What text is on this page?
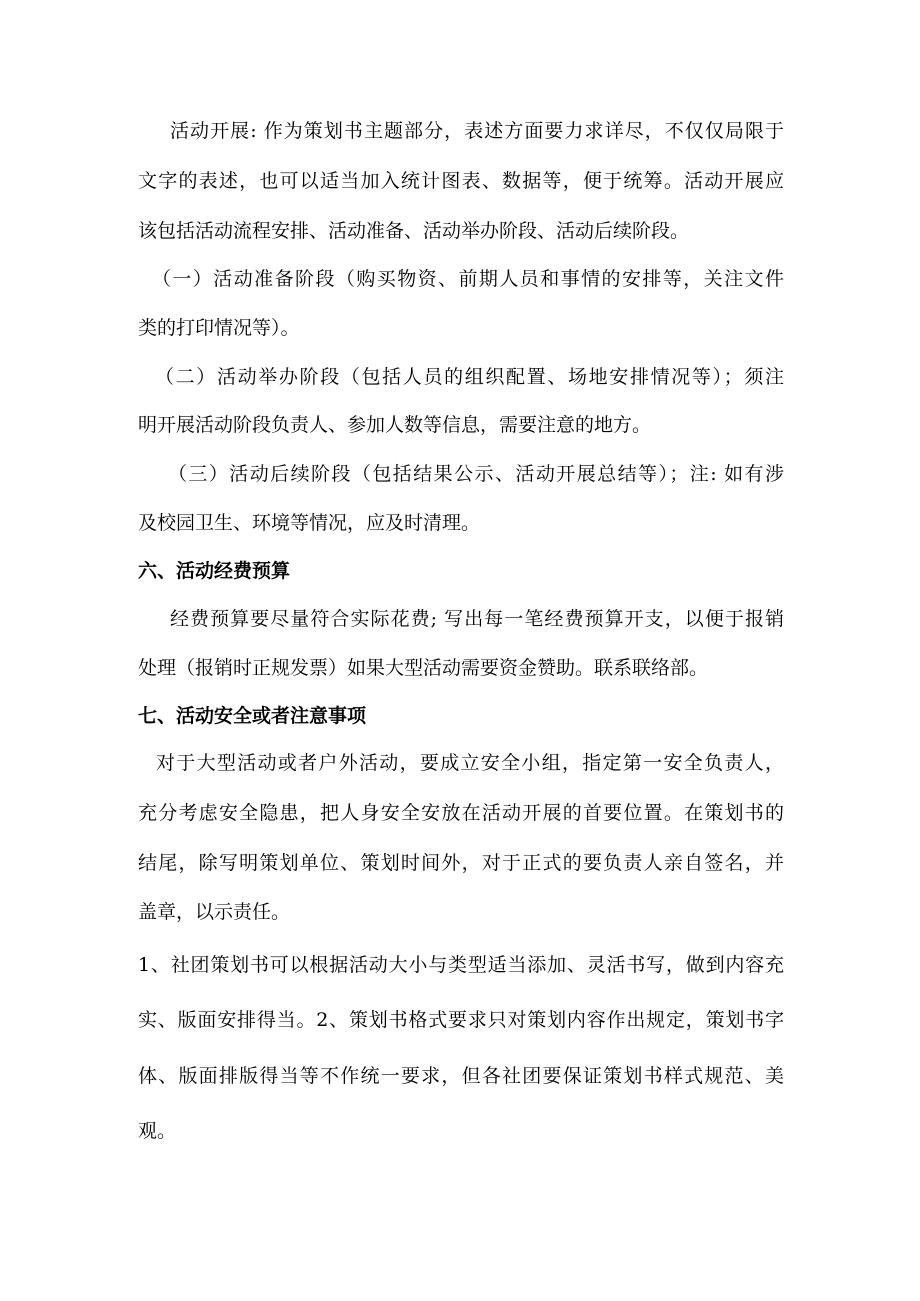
活动开展: 作为策划书主题部分，表述方面要力求详尽，不仅仅局限于
文字的表述，也可以适当加入统计图表、数据等，便于统筹。活动开展应
该包括活动流程安排、活动准备、活动举办阶段、活动后续阶段。
（一）活动准备阶段（购买物资、前期人员和事情的安排等，关注文件
类的打印情况等）。
（二）活动举办阶段（包括人员的组织配置、场地安排情况等）；须注
明开展活动阶段负责人、参加人数等信息，需要注意的地方。
（三）活动后续阶段（包括结果公示、活动开展总结等）；注: 如有涉
及校园卫生、环境等情况，应及时清理。
六、活动经费预算
经费预算要尽量符合实际花费; 写出每一笔经费预算开支，以便于报销
处理（报销时正规发票）如果大型活动需要资金赞助。联系联络部。
七、活动安全或者注意事项
对于大型活动或者户外活动，要成立安全小组，指定第一安全负责人，
充分考虑安全隐患，把人身安全安放在活动开展的首要位置。在策划书的
结尾，除写明策划单位、策划时间外，对于正式的要负责人亲自签名，并
盖章，以示责任。
1、社团策划书可以根据活动大小与类型适当添加、灵活书写，做到内容充
实、版面安排得当。2、策划书格式要求只对策划内容作出规定，策划书字
体、版面排版得当等不作统一要求，但各社团要保证策划书样式规范、美
观。
